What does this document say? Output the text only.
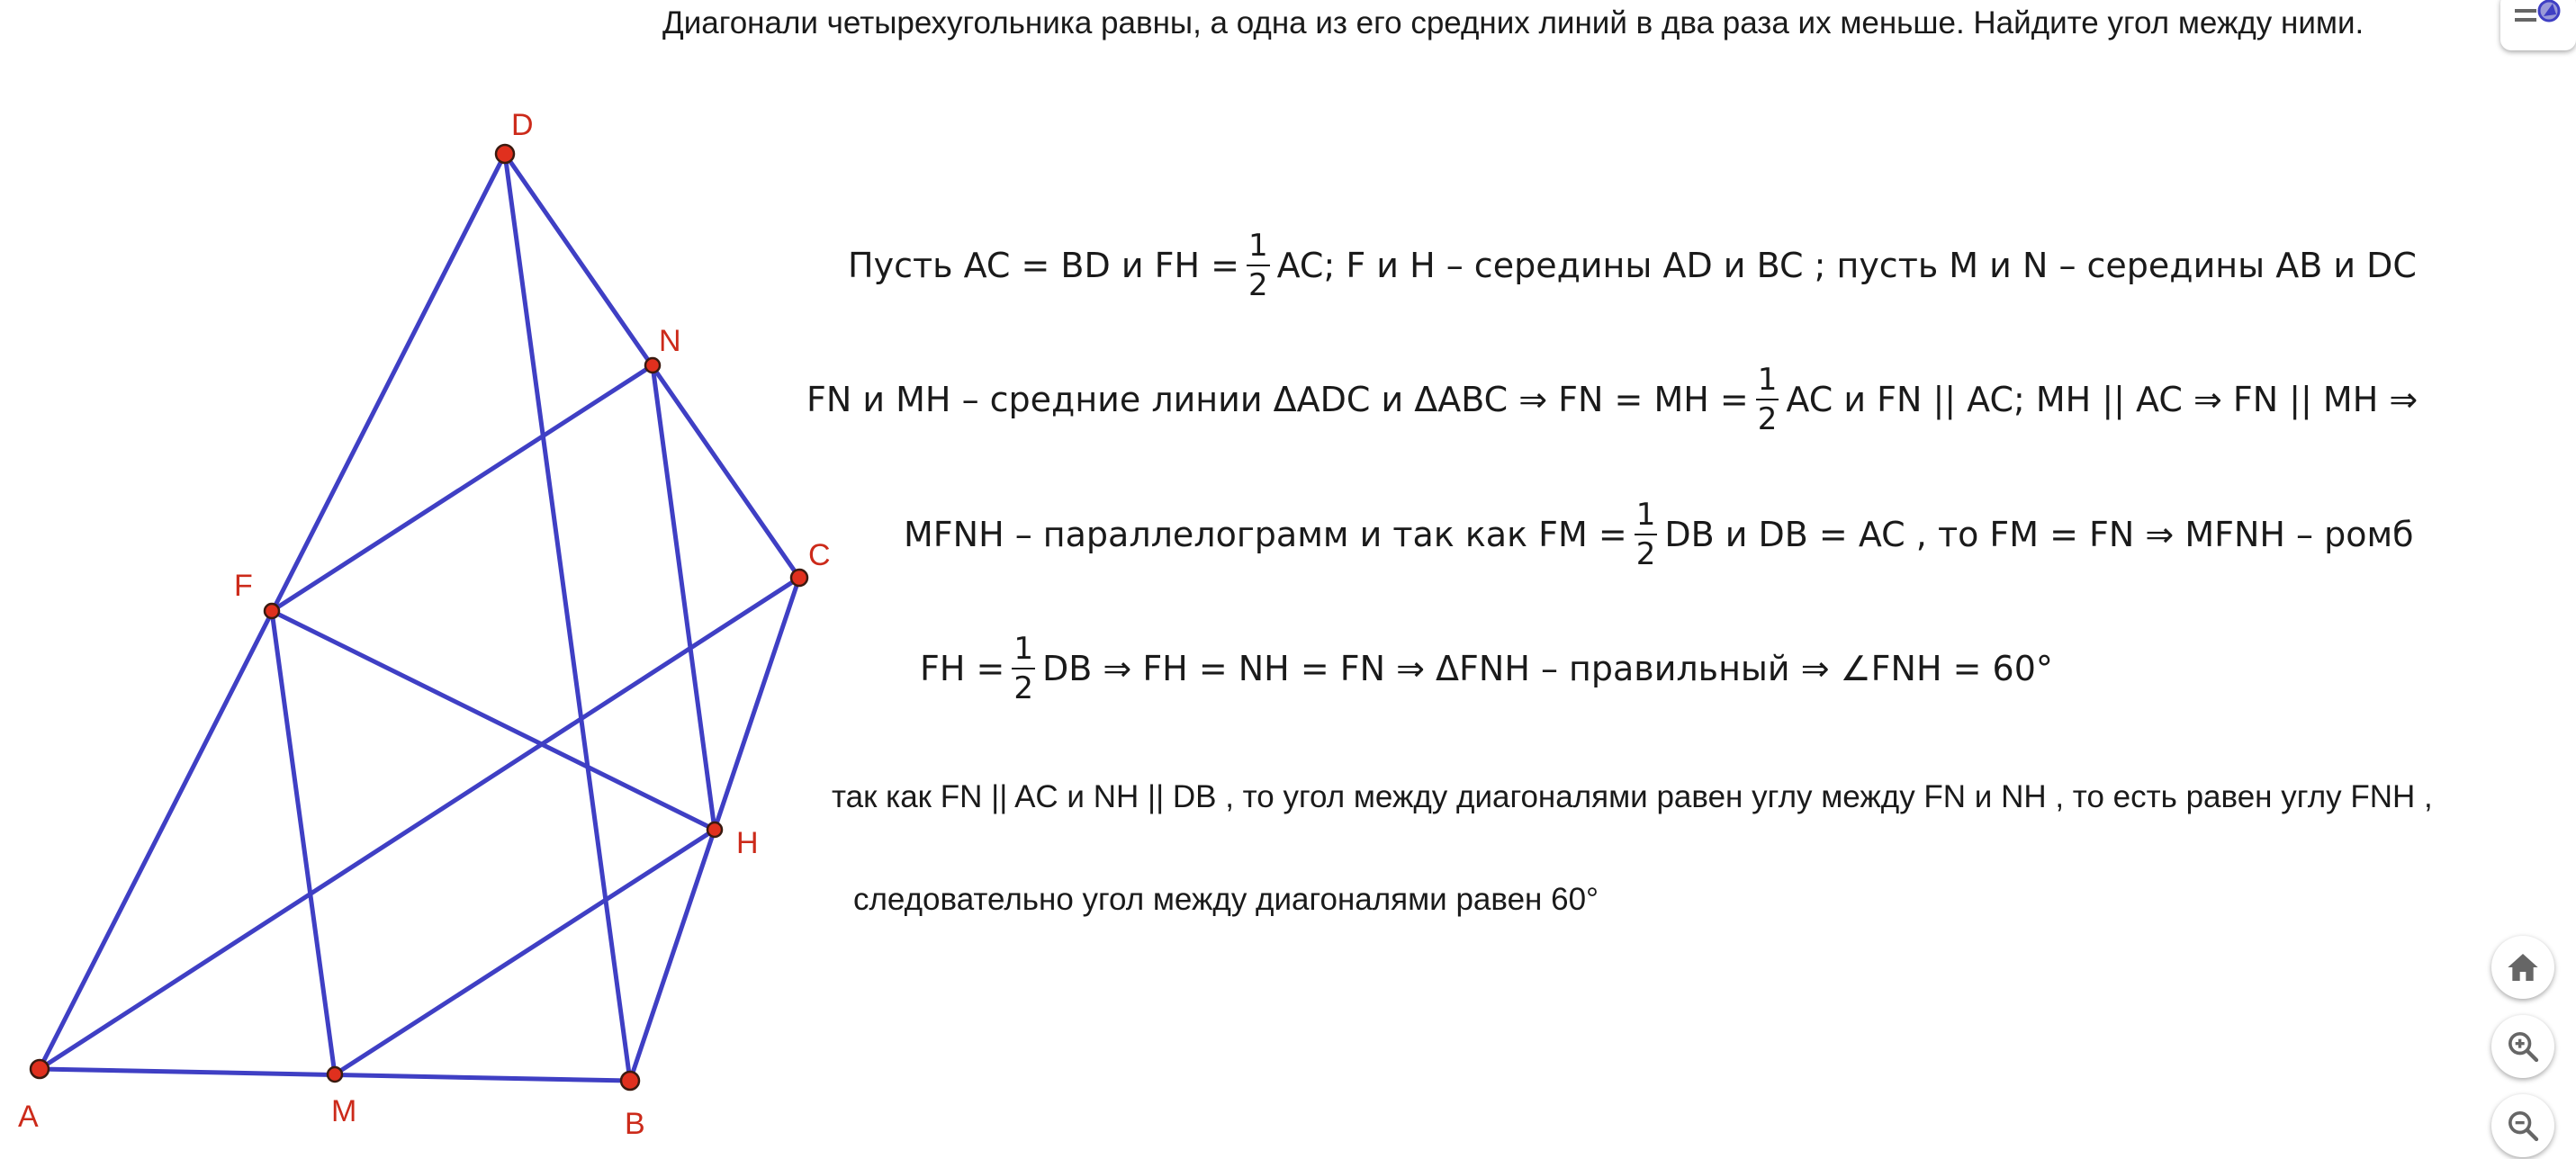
Диагонали четырехугольника равны, а одна из его средних линий в два раза их меньше. Найдите угол между ними.
A	B
C
D
F
H
M
N
Пусть AC = BD и FH = $\frac{1}{2}$ AC; F и H – середины AD и BC ; пусть M и N – середины AB и DC
FN и MH – средние линии ΔADC и ΔABC ⇒ FN = MH = $\frac{1}{2}$ AC и FN || AC; MH || AC ⇒ FN || MH ⇒
MFNH – параллелограмм и так как FM = $\frac{1}{2}$ DB и DB = AC , то FM = FN ⇒ MFNH – ромб
FH = $\frac{1}{2}$ DB ⇒ FH = NH = FN ⇒ ΔFNH – правильный ⇒ ∠FNH = 60°
так как FN || AC и NH || DB , то угол между диагоналями равен углу между FN и NH , то есть равен углу FNH ,
следовательно угол между диагоналями равен 60°
